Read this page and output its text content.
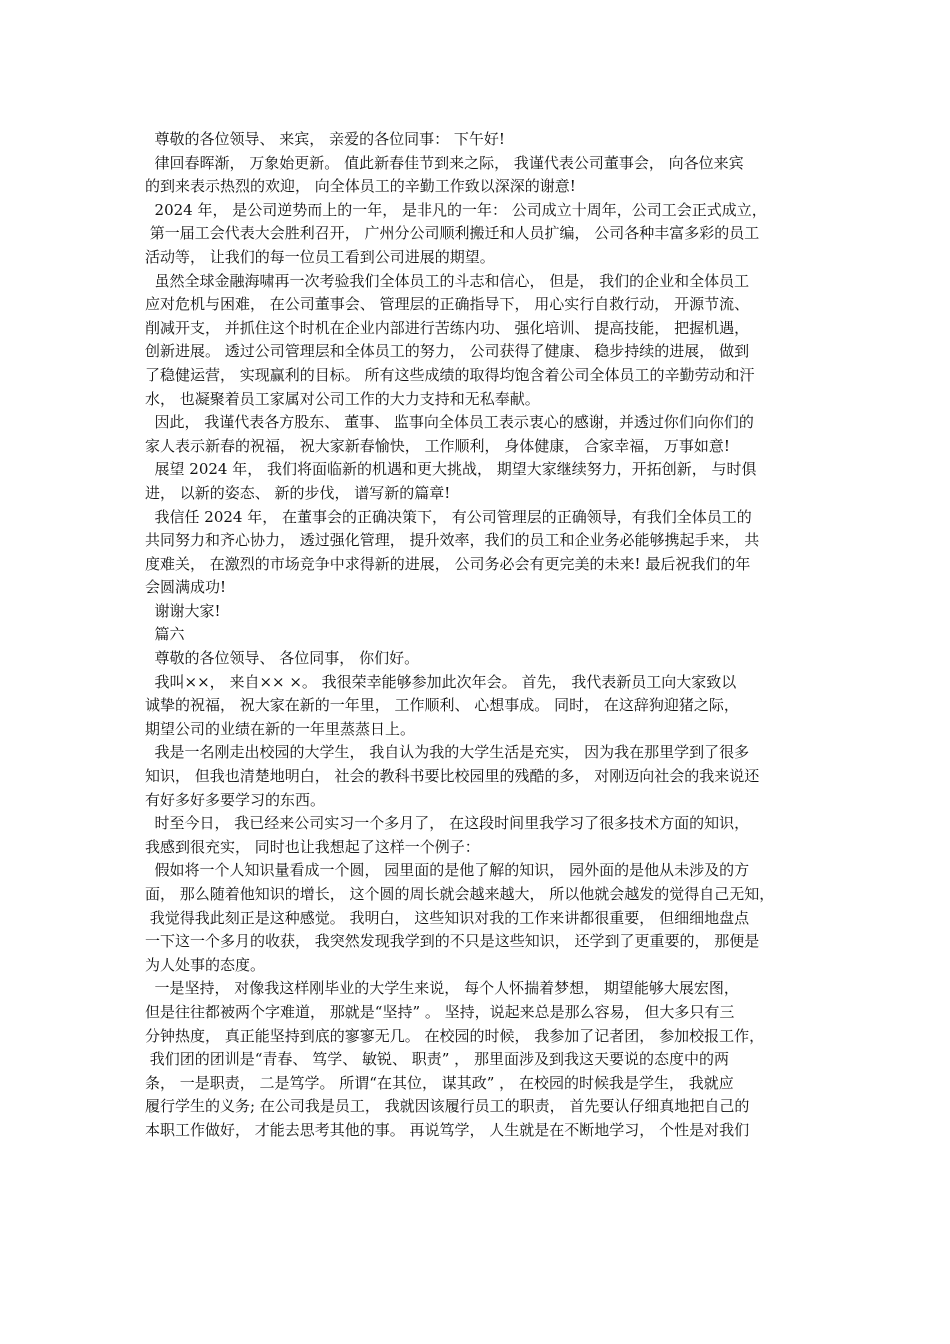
尊敬的各位领导、 来宾， 亲爱的各位同事： 下午好!
律回春晖渐， 万象始更新。 值此新春佳节到来之际， 我谨代表公司董事会， 向各位来宾
的到来表示热烈的欢迎， 向全体员工的辛勤工作致以深深的谢意!
2024 年， 是公司逆势而上的一年， 是非凡的一年： 公司成立十周年，公司工会正式成立，
第一届工会代表大会胜利召开， 广州分公司顺利搬迁和人员扩编， 公司各种丰富多彩的员工
活动等， 让我们的每一位员工看到公司进展的期望。
虽然全球金融海啸再一次考验我们全体员工的斗志和信心， 但是， 我们的企业和全体员工
应对危机与困难， 在公司董事会、 管理层的正确指导下， 用心实行自救行动， 开源节流、
削减开支， 并抓住这个时机在企业内部进行苦练内功、 强化培训、 提高技能， 把握机遇，
创新进展。 透过公司管理层和全体员工的努力， 公司获得了健康、 稳步持续的进展， 做到
了稳健运营， 实现赢利的目标。 所有这些成绩的取得均饱含着公司全体员工的辛勤劳动和汗
水， 也凝聚着员工家属对公司工作的大力支持和无私奉献。
因此， 我谨代表各方股东、 董事、 监事向全体员工表示衷心的感谢，并透过你们向你们的
家人表示新春的祝福， 祝大家新春愉快， 工作顺利， 身体健康， 合家幸福， 万事如意!
展望 2024 年， 我们将面临新的机遇和更大挑战， 期望大家继续努力，开拓创新， 与时俱
进， 以新的姿态、 新的步伐， 谱写新的篇章!
我信任 2024 年， 在董事会的正确决策下， 有公司管理层的正确领导，有我们全体员工的
共同努力和齐心协力， 透过强化管理， 提升效率，我们的员工和企业务必能够携起手来， 共
度难关， 在激烈的市场竞争中求得新的进展， 公司务必会有更完美的未来! 最后祝我们的年
会圆满成功!
谢谢大家!
篇六
尊敬的各位领导、 各位同事， 你们好。
我叫××， 来自×× ×。 我很荣幸能够参加此次年会。 首先， 我代表新员工向大家致以
诚挚的祝福， 祝大家在新的一年里， 工作顺利、 心想事成。 同时， 在这辞狗迎猪之际，
期望公司的业绩在新的一年里蒸蒸日上。
我是一名刚走出校园的大学生， 我自认为我的大学生活是充实， 因为我在那里学到了很多
知识， 但我也清楚地明白， 社会的教科书要比校园里的残酷的多， 对刚迈向社会的我来说还
有好多好多要学习的东西。
时至今日， 我已经来公司实习一个多月了， 在这段时间里我学习了很多技术方面的知识，
我感到很充实， 同时也让我想起了这样一个例子：
假如将一个人知识量看成一个圆， 园里面的是他了解的知识， 园外面的是他从未涉及的方
面， 那么随着他知识的增长， 这个圆的周长就会越来越大， 所以他就会越发的觉得自己无知，
我觉得我此刻正是这种感觉。 我明白， 这些知识对我的工作来讲都很重要， 但细细地盘点
一下这一个多月的收获， 我突然发现我学到的不只是这些知识， 还学到了更重要的， 那便是
为人处事的态度。
一是坚持， 对像我这样刚毕业的大学生来说， 每个人怀揣着梦想， 期望能够大展宏图，
但是往往都被两个字难道， 那就是“坚持” 。 坚持，说起来总是那么容易， 但大多只有三
分钟热度， 真正能坚持到底的寥寥无几。 在校园的时候， 我参加了记者团， 参加校报工作，
我们团的团训是“青春、 笃学、 敏锐、 职责” ， 那里面涉及到我这天要说的态度中的两
条， 一是职责， 二是笃学。 所谓“在其位， 谋其政” ， 在校园的时候我是学生， 我就应
履行学生的义务; 在公司我是员工， 我就因该履行员工的职责， 首先要认仔细真地把自己的
本职工作做好， 才能去思考其他的事。 再说笃学， 人生就是在不断地学习， 个性是对我们
